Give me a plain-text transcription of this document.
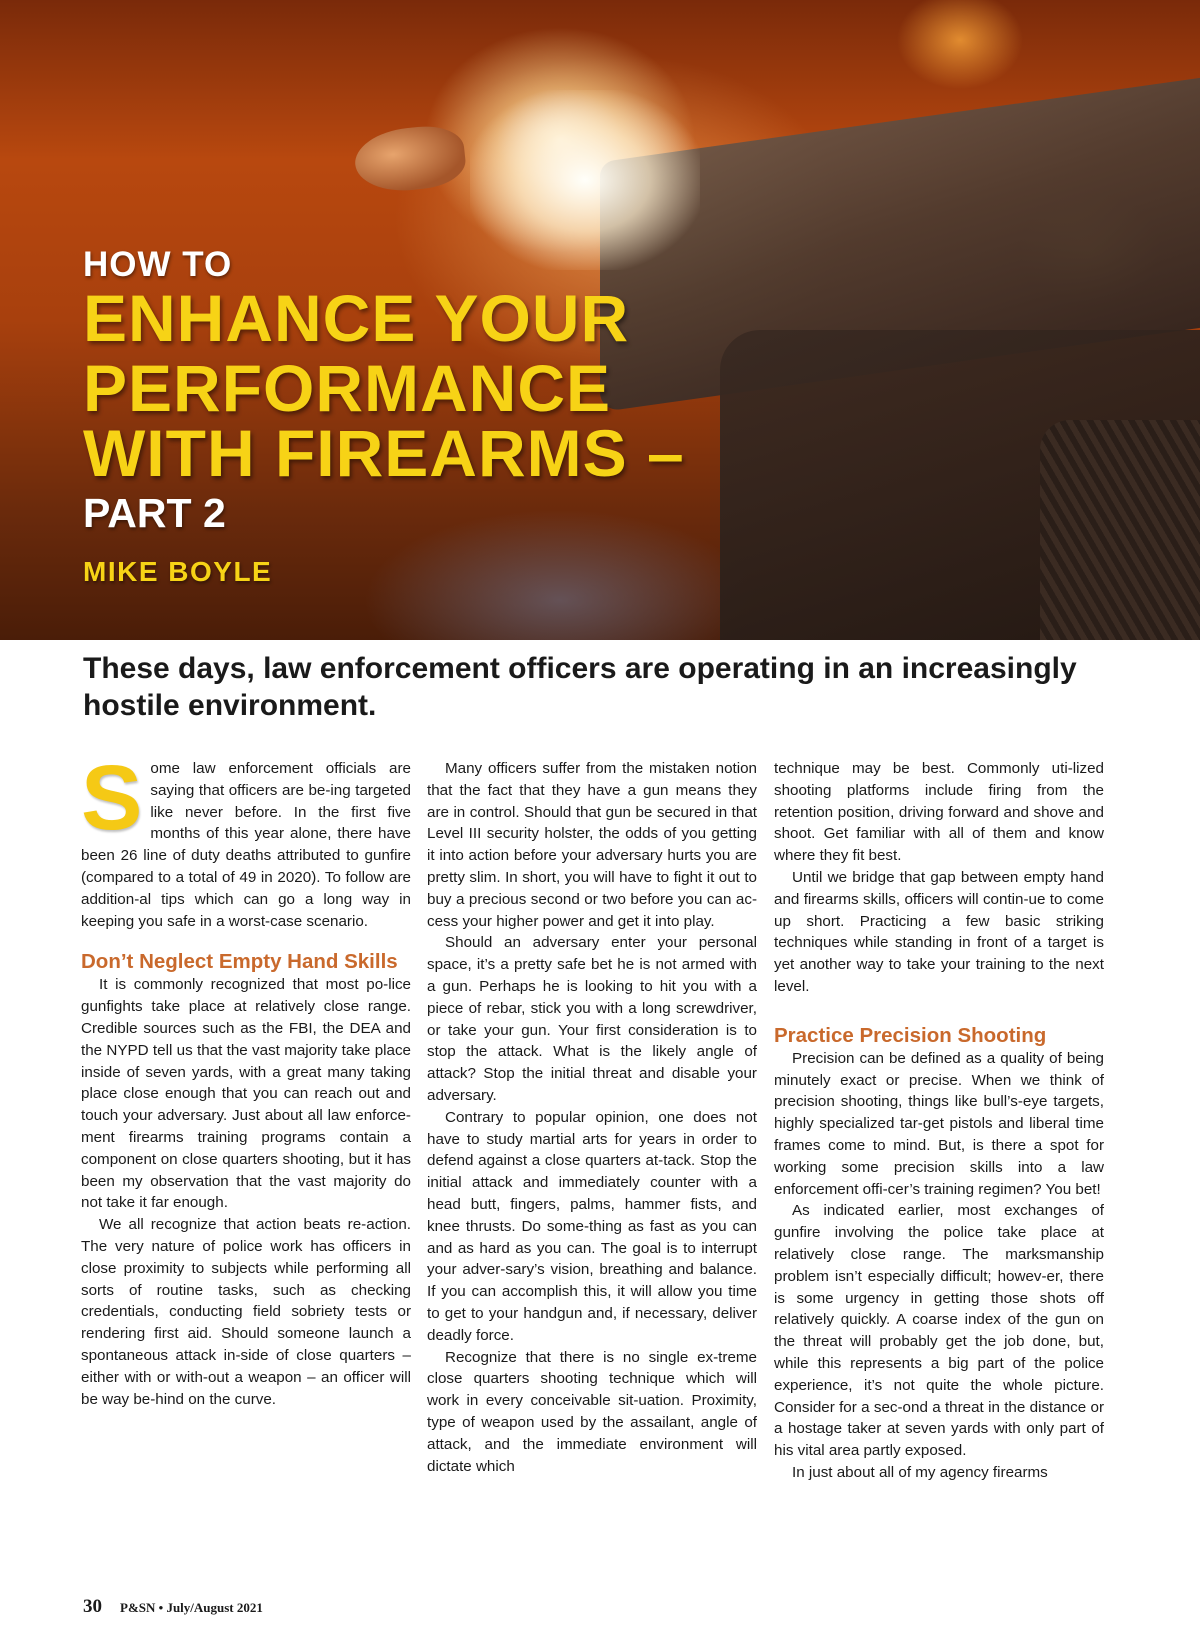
HOW TO
ENHANCE YOUR
PERFORMANCE
WITH FIREARMS –
PART 2
MIKE BOYLE

These days, law enforcement officers are operating in an increasingly hostile environment.

Some law enforcement officials are saying that officers are be-ing targeted like never before. In the first five months of this year alone, there have been 26 line of duty deaths attributed to gunfire (compared to a total of 49 in 2020). To follow are addition-al tips which can go a long way in keeping you safe in a worst-case scenario.

Don’t Neglect Empty Hand Skills

It is commonly recognized that most po-lice gunfights take place at relatively close range. Credible sources such as the FBI, the DEA and the NYPD tell us that the vast majority take place inside of seven yards, with a great many taking place close enough that you can reach out and touch your adversary. Just about all law enforce-ment firearms training programs contain a component on close quarters shooting, but it has been my observation that the vast majority do not take it far enough.

We all recognize that action beats re-action. The very nature of police work has officers in close proximity to subjects while performing all sorts of routine tasks, such as checking credentials, conducting field sobriety tests or rendering first aid. Should someone launch a spontaneous attack in-side of close quarters – either with or with-out a weapon – an officer will be way be-hind on the curve.

Many officers suffer from the mistaken notion that the fact that they have a gun means they are in control. Should that gun be secured in that Level III security holster, the odds of you getting it into action before your adversary hurts you are pretty slim. In short, you will have to fight it out to buy a precious second or two before you can ac-cess your higher power and get it into play.

Should an adversary enter your personal space, it’s a pretty safe bet he is not armed with a gun. Perhaps he is looking to hit you with a piece of rebar, stick you with a long screwdriver, or take your gun. Your first consideration is to stop the attack. What is the likely angle of attack? Stop the initial threat and disable your adversary.

Contrary to popular opinion, one does not have to study martial arts for years in order to defend against a close quarters at-tack. Stop the initial attack and immediately counter with a head butt, fingers, palms, hammer fists, and knee thrusts. Do some-thing as fast as you can and as hard as you can. The goal is to interrupt your adver-sary’s vision, breathing and balance. If you can accomplish this, it will allow you time to get to your handgun and, if necessary, deliver deadly force.

Recognize that there is no single ex-treme close quarters shooting technique which will work in every conceivable sit-uation. Proximity, type of weapon used by the assailant, angle of attack, and the immediate environment will dictate which

technique may be best. Commonly uti-lized shooting platforms include firing from the retention position, driving forward and shove and shoot. Get familiar with all of them and know where they fit best.

Until we bridge that gap between empty hand and firearms skills, officers will contin-ue to come up short. Practicing a few basic striking techniques while standing in front of a target is yet another way to take your training to the next level.

Practice Precision Shooting

Precision can be defined as a quality of being minutely exact or precise. When we think of precision shooting, things like bull’s-eye targets, highly specialized tar-get pistols and liberal time frames come to mind. But, is there a spot for working some precision skills into a law enforcement offi-cer’s training regimen? You bet!

As indicated earlier, most exchanges of gunfire involving the police take place at relatively close range. The marksmanship problem isn’t especially difficult; howev-er, there is some urgency in getting those shots off relatively quickly. A coarse index of the gun on the threat will probably get the job done, but, while this represents a big part of the police experience, it’s not quite the whole picture. Consider for a sec-ond a threat in the distance or a hostage taker at seven yards with only part of his vital area partly exposed.

In just about all of my agency firearms

30 P&SN • July/August 2021
